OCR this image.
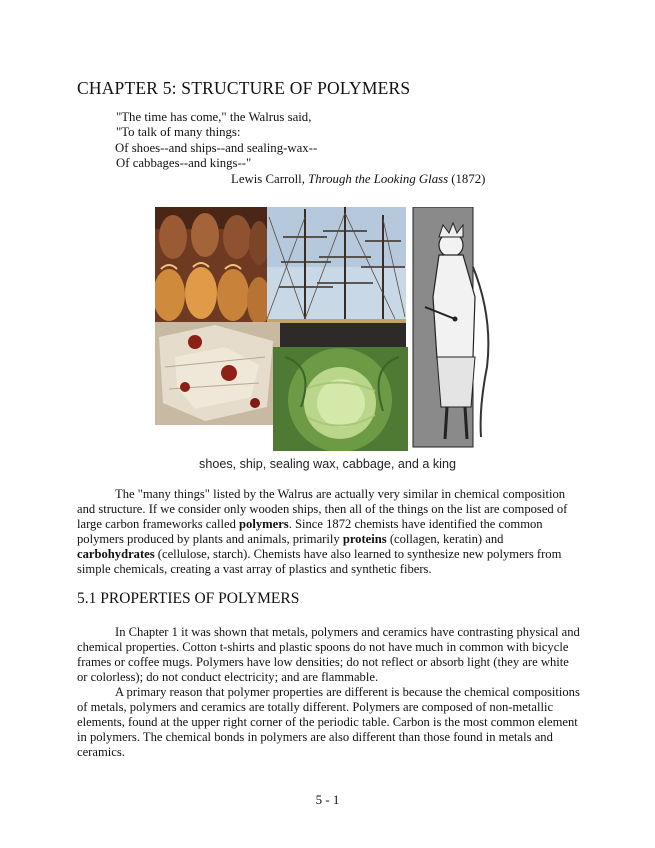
CHAPTER 5: STRUCTURE OF POLYMERS
"The time has come," the Walrus said,
"To talk of many things:
Of shoes--and ships--and sealing-wax--
Of cabbages--and kings--"
Lewis Carroll, Through the Looking Glass (1872)
shoes, ship, sealing wax, cabbage, and a king

The "many things" listed by the Walrus are actually very similar in chemical composition and structure. If we consider only wooden ships, then all of the things on the list are composed of large carbon frameworks called polymers. Since 1872 chemists have identified the common polymers produced by plants and animals, primarily proteins (collagen, keratin) and carbohydrates (cellulose, starch). Chemists have also learned to synthesize new polymers from simple chemicals, creating a vast array of plastics and synthetic fibers.

5.1 PROPERTIES OF POLYMERS

In Chapter 1 it was shown that metals, polymers and ceramics have contrasting physical and chemical properties. Cotton t-shirts and plastic spoons do not have much in common with bicycle frames or coffee mugs. Polymers have low densities; do not reflect or absorb light (they are white or colorless); do not conduct electricity; and are flammable.

A primary reason that polymer properties are different is because the chemical compositions of metals, polymers and ceramics are totally different. Polymers are composed of non-metallic elements, found at the upper right corner of the periodic table. Carbon is the most common element in polymers. The chemical bonds in polymers are also different than those found in metals and ceramics.

5 - 1
